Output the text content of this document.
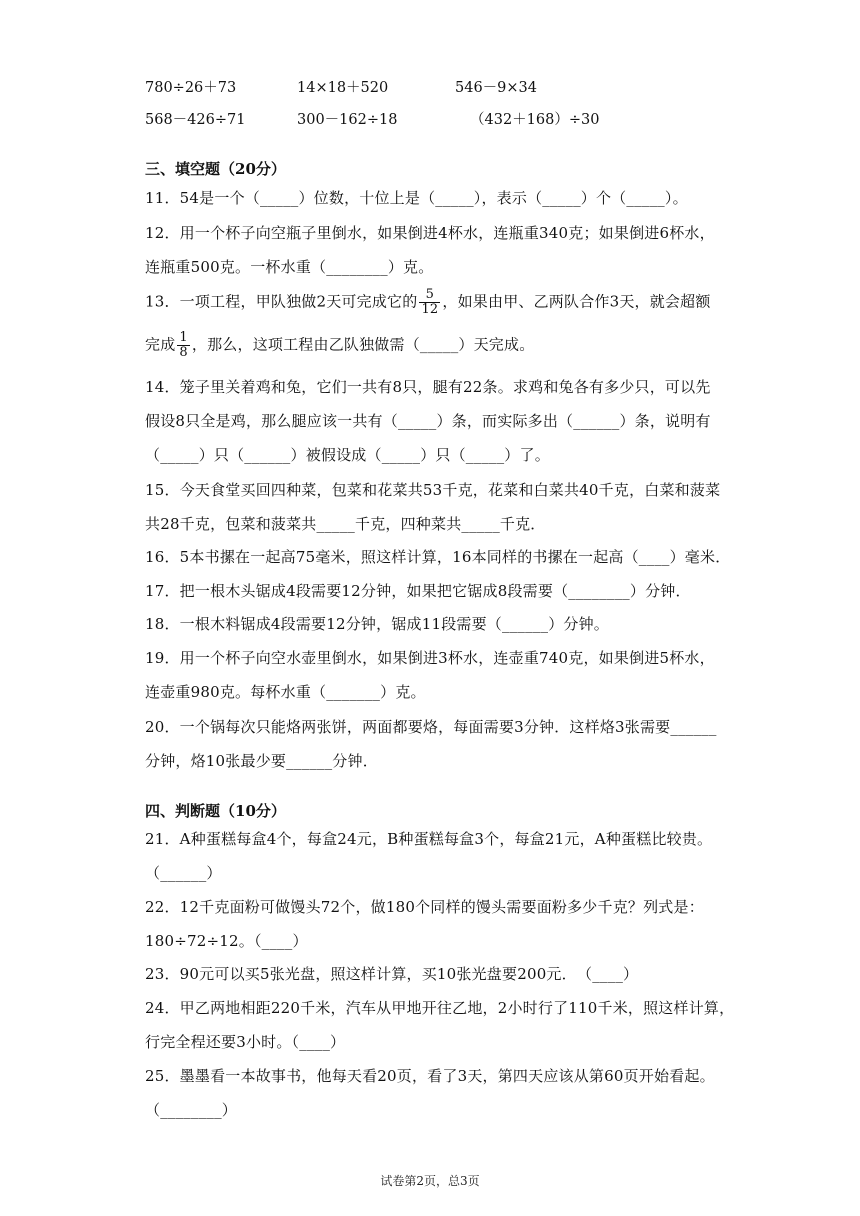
780÷26＋73	14×18＋520	546－9×34
568－426÷71	300－162÷18	（432＋168）÷30
三、填空题（20分）
11．54是一个（_____）位数，十位上是（_____），表示（_____）个（_____）。
12．用一个杯子向空瓶子里倒水，如果倒进4杯水，连瓶重340克；如果倒进6杯水，
连瓶重500克。一杯水重（________）克。
13．一项工程，甲队独做2天可完成它的 $\frac{5}{12}$ ，如果由甲、乙两队合作3天，就会超额
完成 $\frac{1}{8}$ ，那么，这项工程由乙队独做需（_____）天完成。
14．笼子里关着鸡和兔，它们一共有8只，腿有22条。求鸡和兔各有多少只，可以先
假设8只全是鸡，那么腿应该一共有（_____）条，而实际多出（______）条，说明有
（_____）只（______）被假设成（_____）只（_____）了。
15．今天食堂买回四种菜，包菜和花菜共53千克，花菜和白菜共40千克，白菜和菠菜
共28千克，包菜和菠菜共_____千克，四种菜共_____千克．
16．5本书摞在一起高75毫米，照这样计算，16本同样的书摞在一起高（____）毫米．
17．把一根木头锯成4段需要12分钟，如果把它锯成8段需要（________）分钟．
18．一根木料锯成4段需要12分钟，锯成11段需要（______）分钟。
19．用一个杯子向空水壶里倒水，如果倒进3杯水，连壶重740克，如果倒进5杯水，
连壶重980克。每杯水重（_______）克。
20．一个锅每次只能烙两张饼，两面都要烙，每面需要3分钟．这样烙3张需要______
分钟，烙10张最少要______分钟．
四、判断题（10分）
21．A种蛋糕每盒4个，每盒24元，B种蛋糕每盒3个，每盒21元，A种蛋糕比较贵。
（______）
22．12千克面粉可做馒头72个，做180个同样的馒头需要面粉多少千克？列式是：
180÷72÷12。（____）
23．90元可以买5张光盘，照这样计算，买10张光盘要200元．　（____）
24．甲乙两地相距220千米，汽车从甲地开往乙地，2小时行了110千米，照这样计算，
行完全程还要3小时。（____）
25．墨墨看一本故事书，他每天看20页，看了3天，第四天应该从第60页开始看起。
（________）
试卷第2页，总3页
